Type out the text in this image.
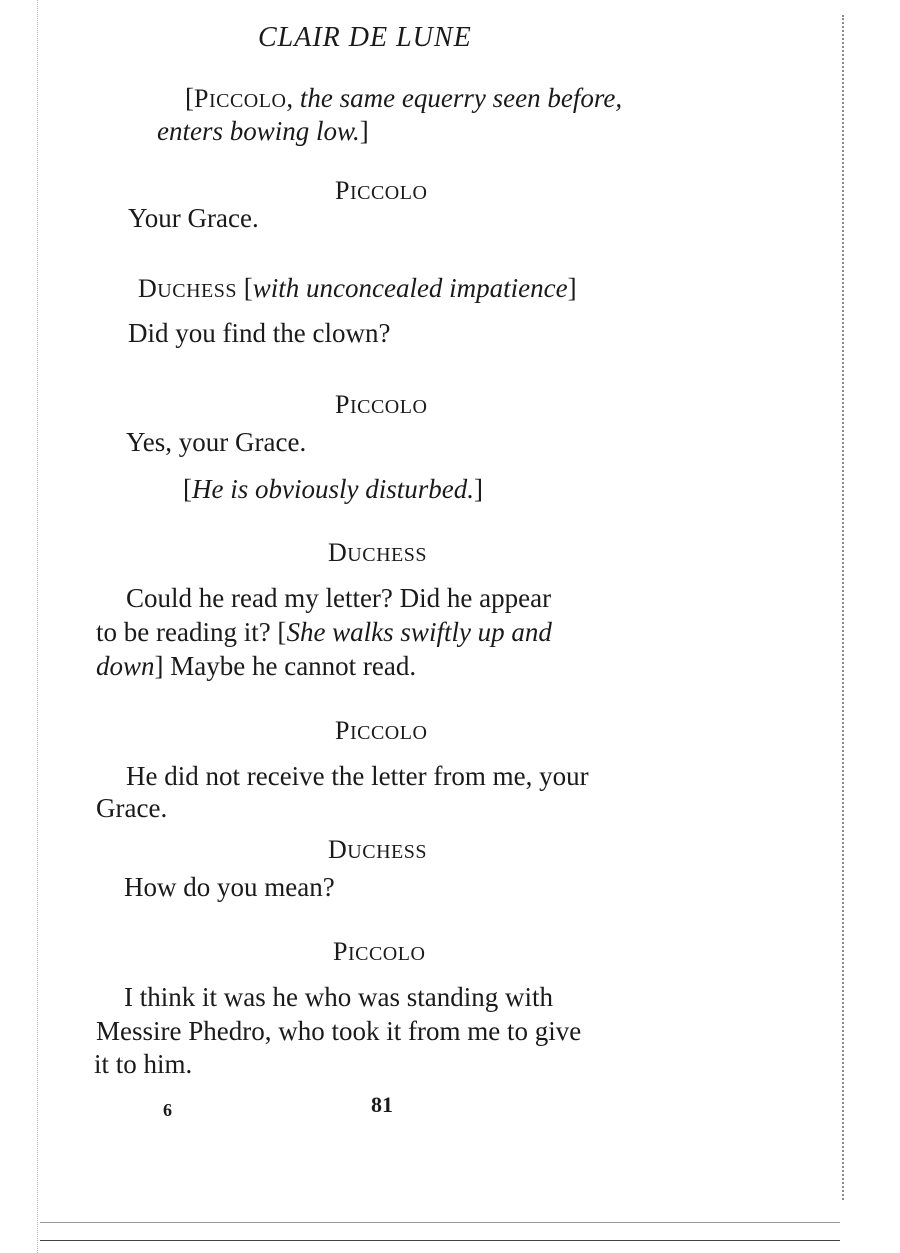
CLAIR DE LUNE
[PICCOLO, the same equerry seen before,
enters bowing low.]
PICCOLO
Your Grace.
DUCHESS [with unconcealed impatience]
Did you find the clown?
PICCOLO
Yes, your Grace.
[He is obviously disturbed.]
DUCHESS
Could he read my letter? Did he appear
to be reading it? [She walks swiftly up and
down] Maybe he cannot read.
PICCOLO
He did not receive the letter from me, your
Grace.
DUCHESS
How do you mean?
PICCOLO
I think it was he who was standing with
Messire Phedro, who took it from me to give
it to him.
6	81
